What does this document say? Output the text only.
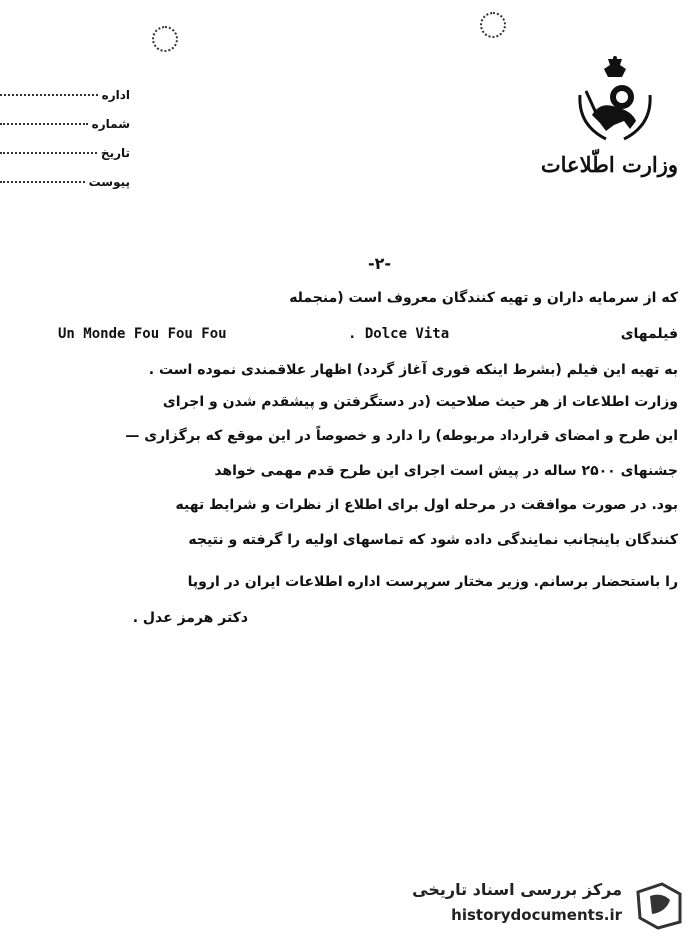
اداره
شماره
تاریخ
پیوست
وزارت اطّلاعات
-۲-
که از سرمایه داران و تهیه کنندگان معروف است (منجمله
Un Monde Fou Fou Fou	. Dolce Vita	فیلمهای
به تهیه این فیلم (بشرط اینکه فوری آغاز گردد) اظهار علاقمندی نموده است .
وزارت اطلاعات از هر حیث صلاحیت (در دستگرفتن و پیشقدم شدن و اجرای
این طرح و امضای قرارداد مربوطه) را دارد و خصوصاً در این موقع که برگزاری —
جشنهای ۲۵۰۰ ساله در پیش است اجرای این طرح قدم مهمی خواهد
بود. در صورت موافقت در مرحله اول برای اطلاع از نظرات و شرایط تهیه
کنندگان باینجانب نمایندگی داده شود که تماسهای اولیه را گرفته و نتیجه
را باستحضار برسانم. وزیر مختار سرپرست اداره اطلاعات ایران در اروپا
دکتر هرمز عدل .
مرکز بررسی اسناد تاریخی
historydocuments.ir
